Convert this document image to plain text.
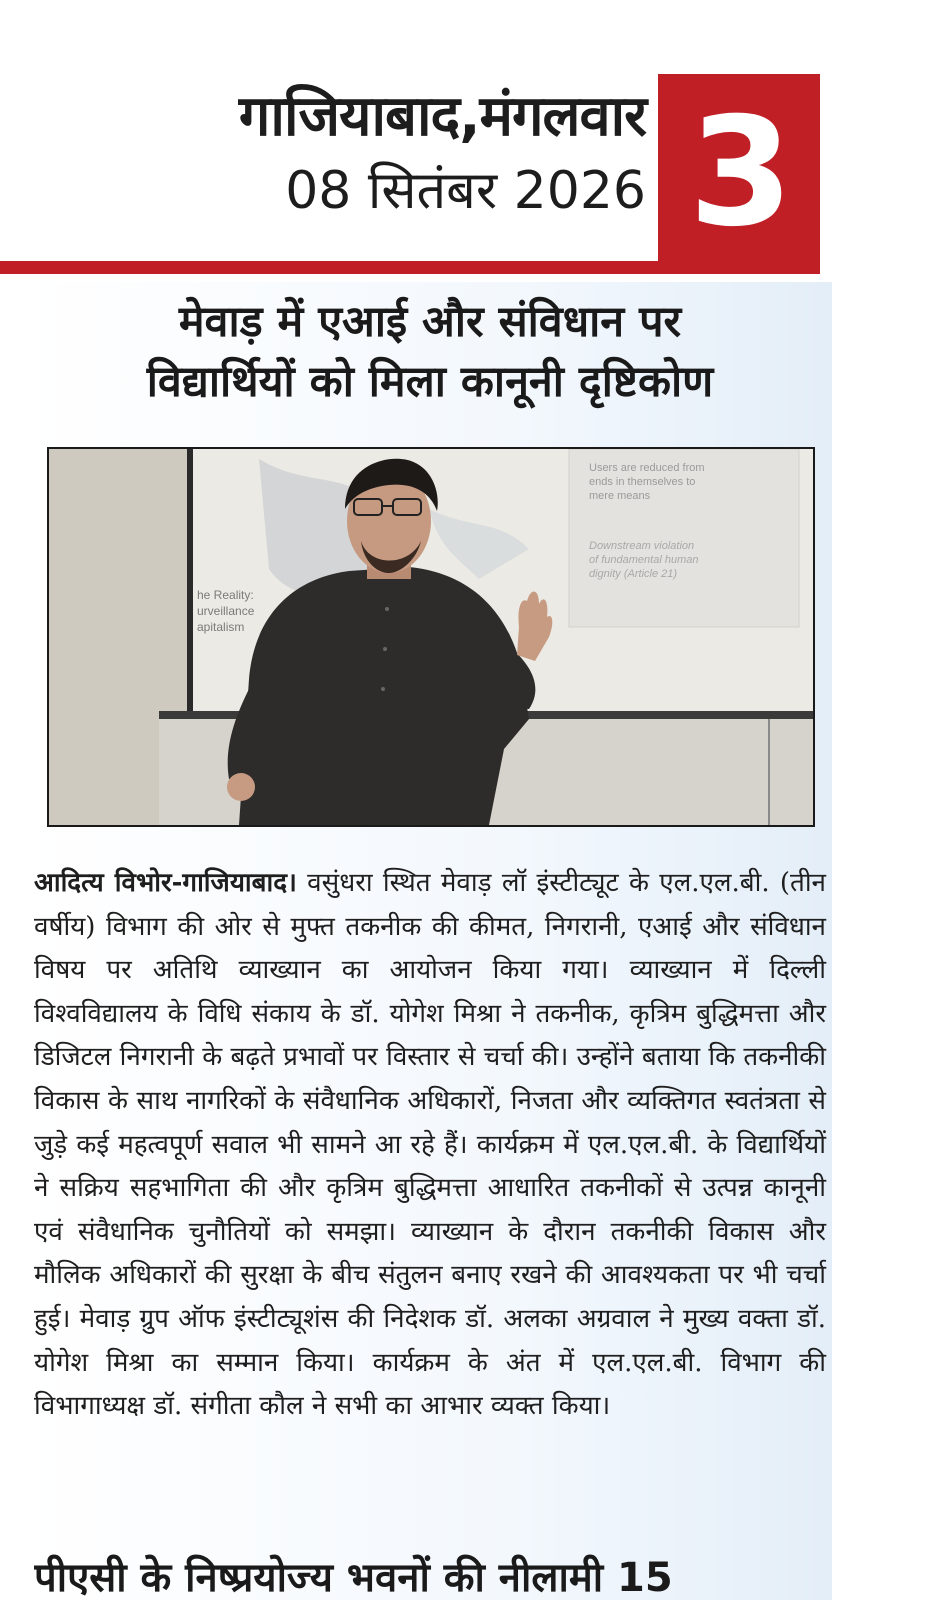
गाजियाबाद,मंगलवार
08 सितंबर 2026 3
मेवाड़ में एआई और संविधान पर
विद्यार्थियों को मिला कानूनी दृष्टिकोण
Users are reduced from ends in themselves to mere means
Downstream violation of fundamental human dignity (Article 21)
he Reality: urveillance apitalism

आदित्य विभोर-गाजियाबाद। वसुंधरा स्थित मेवाड़ लॉ इंस्टीट्यूट के एल.एल.बी. (तीन वर्षीय) विभाग की ओर से मुफ्त तकनीक की कीमत, निगरानी, एआई और संविधान विषय पर अतिथि व्याख्यान का आयोजन किया गया। व्याख्यान में दिल्ली विश्वविद्यालय के विधि संकाय के डॉ. योगेश मिश्रा ने तकनीक, कृत्रिम बुद्धिमत्ता और डिजिटल निगरानी के बढ़ते प्रभावों पर विस्तार से चर्चा की। उन्होंने बताया कि तकनीकी विकास के साथ नागरिकों के संवैधानिक अधिकारों, निजता और व्यक्तिगत स्वतंत्रता से जुड़े कई महत्वपूर्ण सवाल भी सामने आ रहे हैं। कार्यक्रम में एल.एल.बी. के विद्यार्थियों ने सक्रिय सहभागिता की और कृत्रिम बुद्धिमत्ता आधारित तकनीकों से उत्पन्न कानूनी एवं संवैधानिक चुनौतियों को समझा। व्याख्यान के दौरान तकनीकी विकास और मौलिक अधिकारों की सुरक्षा के बीच संतुलन बनाए रखने की आवश्यकता पर भी चर्चा हुई। मेवाड़ ग्रुप ऑफ इंस्टीट्यूशंस की निदेशक डॉ. अलका अग्रवाल ने मुख्य वक्ता डॉ. योगेश मिश्रा का सम्मान किया। कार्यक्रम के अंत में एल.एल.बी. विभाग की विभागाध्यक्ष डॉ. संगीता कौल ने सभी का आभार व्यक्त किया।

पीएसी के निष्प्रयोज्य भवनों की नीलामी 15
